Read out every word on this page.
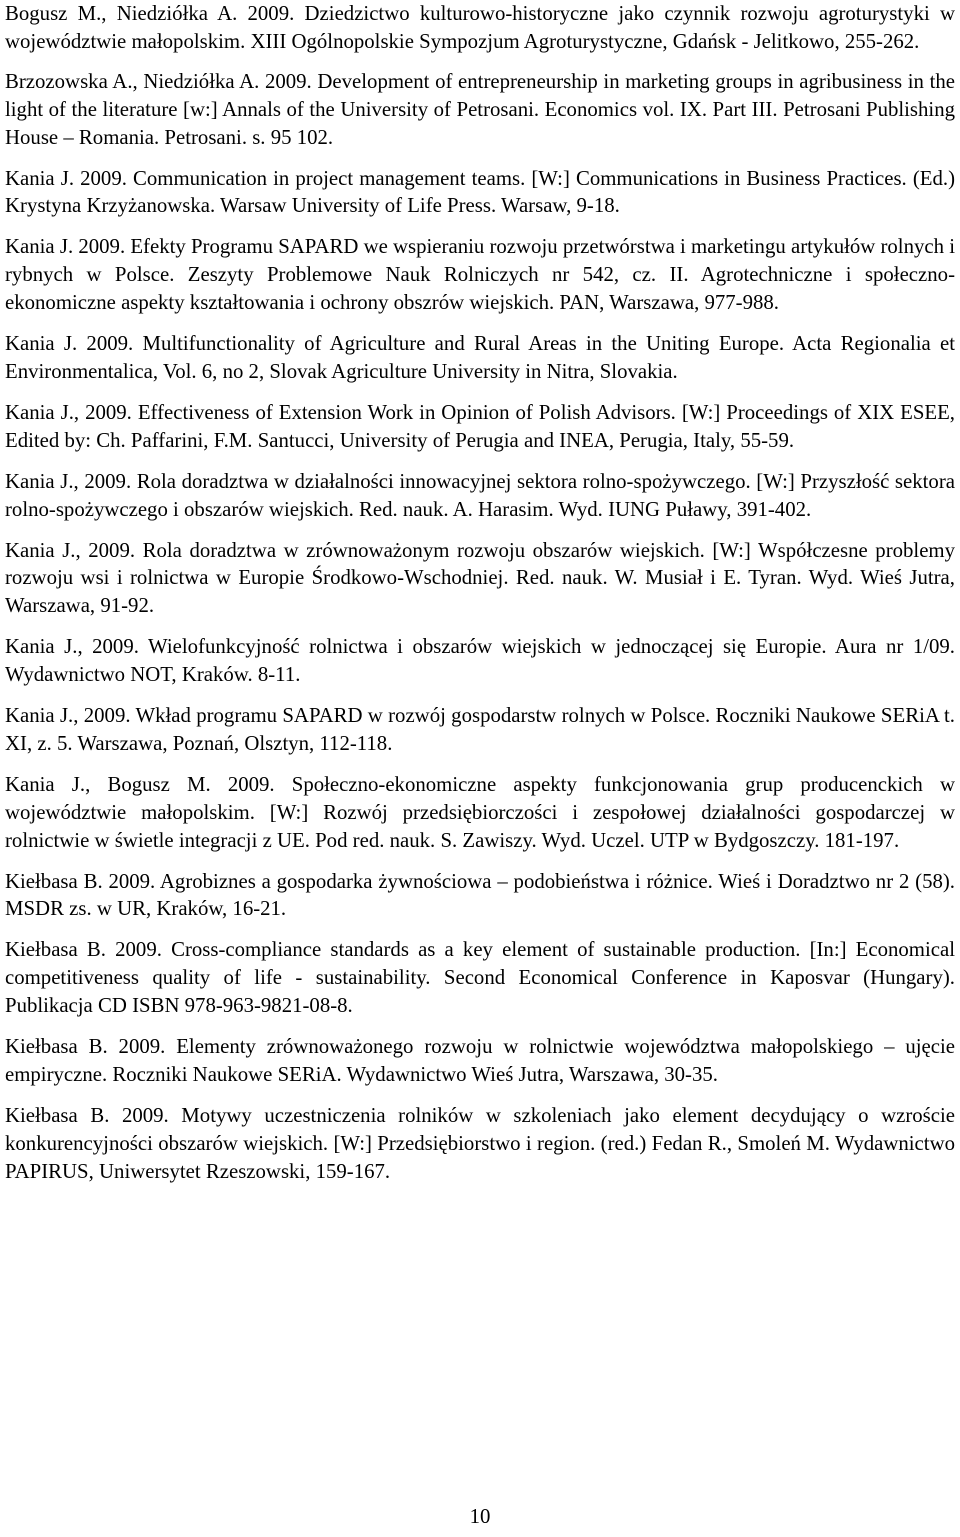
Bogusz M., Niedziółka A. 2009. Dziedzictwo kulturowo-historyczne jako czynnik rozwoju agroturystyki w województwie małopolskim. XIII Ogólnopolskie Sympozjum Agroturystyczne, Gdańsk - Jelitkowo, 255-262.

Brzozowska A., Niedziółka A. 2009. Development of entrepreneurship in marketing groups in agribusiness in the light of the literature [w:] Annals of the University of Petrosani. Economics vol. IX. Part III. Petrosani Publishing House – Romania. Petrosani. s. 95 102.

Kania J. 2009. Communication in project management teams. [W:] Communications in Business Practices. (Ed.) Krystyna Krzyżanowska. Warsaw University of Life Press. Warsaw, 9-18.

Kania J. 2009. Efekty Programu SAPARD we wspieraniu rozwoju przetwórstwa i marketingu artykułów rolnych i rybnych w Polsce. Zeszyty Problemowe Nauk Rolniczych nr 542, cz. II. Agrotechniczne i społeczno-ekonomiczne aspekty kształtowania i ochrony obszrów wiejskich. PAN, Warszawa, 977-988.

Kania J. 2009. Multifunctionality of Agriculture and Rural Areas in the Uniting Europe. Acta Regionalia et Environmentalica, Vol. 6, no 2, Slovak Agriculture University in Nitra, Slovakia.

Kania J., 2009. Effectiveness of Extension Work in Opinion of Polish Advisors. [W:] Proceedings of XIX ESEE, Edited by: Ch. Paffarini, F.M. Santucci, University of Perugia and INEA, Perugia, Italy, 55-59.

Kania J., 2009. Rola doradztwa w działalności innowacyjnej sektora rolno-spożywczego. [W:] Przyszłość sektora rolno-spożywczego i obszarów wiejskich. Red. nauk. A. Harasim. Wyd. IUNG Puławy, 391-402.

Kania J., 2009. Rola doradztwa w zrównoważonym rozwoju obszarów wiejskich. [W:] Współczesne problemy rozwoju wsi i rolnictwa w Europie Środkowo-Wschodniej. Red. nauk. W. Musiał i E. Tyran. Wyd. Wieś Jutra, Warszawa, 91-92.

Kania J., 2009. Wielofunkcyjność rolnictwa i obszarów wiejskich w jednoczącej się Europie. Aura nr 1/09. Wydawnictwo NOT, Kraków. 8-11.

Kania J., 2009. Wkład programu SAPARD w rozwój gospodarstw rolnych w Polsce. Roczniki Naukowe SERiA t. XI, z. 5. Warszawa, Poznań, Olsztyn, 112-118.

Kania J., Bogusz M. 2009. Społeczno-ekonomiczne aspekty funkcjonowania grup producenckich w województwie małopolskim. [W:] Rozwój przedsiębiorczości i zespołowej działalności gospodarczej w rolnictwie w świetle integracji z UE. Pod red. nauk. S. Zawiszy. Wyd. Uczel. UTP w Bydgoszczy. 181-197.

Kiełbasa B. 2009. Agrobiznes a gospodarka żywnościowa – podobieństwa i różnice. Wieś i Doradztwo nr 2 (58). MSDR zs. w UR, Kraków, 16-21.

Kiełbasa B. 2009. Cross-compliance standards as a key element of sustainable production. [In:] Economical competitiveness quality of life - sustainability. Second Economical Conference in Kaposvar (Hungary). Publikacja CD ISBN 978-963-9821-08-8.

Kiełbasa B. 2009. Elementy zrównoważonego rozwoju w rolnictwie województwa małopolskiego – ujęcie empiryczne. Roczniki Naukowe SERiA. Wydawnictwo Wieś Jutra, Warszawa, 30-35.

Kiełbasa B. 2009. Motywy uczestniczenia rolników w szkoleniach jako element decydujący o wzroście konkurencyjności obszarów wiejskich. [W:] Przedsiębiorstwo i region. (red.) Fedan R., Smoleń M. Wydawnictwo PAPIRUS, Uniwersytet Rzeszowski, 159-167.

10
